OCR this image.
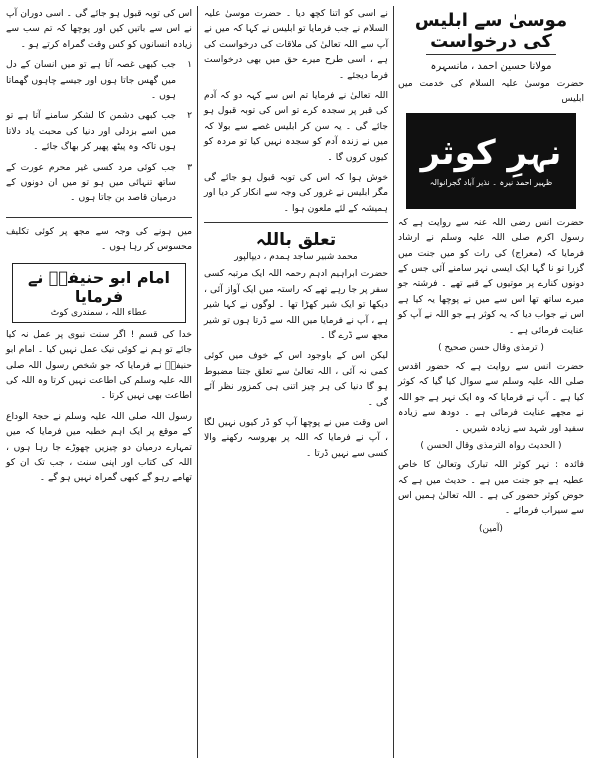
موسیٰ سے ابلیس کی درخواست
مولانا حسین احمد ، مانسہرہ

حضرت موسیٰ علیہ السلام کی خدمت میں ابلیس

نہرِ کوثر
ظہیر احمد نیرہ ۔ نذیر آباد گجرانوالہ

حضرت انس رضی اللہ عنہ سے روایت ہے کہ رسول اکرم صلی اللہ علیہ وسلم نے ارشاد فرمایا کہ (معراج) کی رات کو میں جنت میں گزرا تو نا گہا ایک ایسی نہر سامنے آئی جس کے دونوں کنارے پر موتیوں کے قبے تھے ۔ فرشتہ جو میرے ساتھ تھا اس سے میں نے پوچھا یہ کیا ہے اس نے جواب دیا کہ یہ کوثر ہے جو اللہ نے آپ کو عنایت فرمائی ہے ۔

( ترمذی وقال حسن صحیح )

حضرت انس سے روایت ہے کہ حضور اقدس صلی اللہ علیہ وسلم سے سوال کیا گیا کہ کوثر کیا ہے ۔ آپ نے فرمایا کہ وہ ایک نہر ہے جو اللہ نے مجھے عنایت فرمائی ہے ۔ دودھ سے زیادہ سفید اور شہد سے زیادہ شیریں ۔

( الحدیث رواہ الترمذی وقال الحسن )

فائدہ : نہر کوثر اللہ تبارک وتعالیٰ کا خاص عطیہ ہے جو جنت میں ہے ۔ حدیث میں ہے کہ حوض کوثر حضور کی ہے ۔ اللہ تعالیٰ ہمیں اس سے سیراب فرمائے ۔

(آمین)

نے اسی کو اتنا کچھ دیا ۔ حضرت موسیٰ علیہ السلام نے جب فرمایا تو ابلیس نے کہا کہ میں نے آپ سے اللہ تعالیٰ کی ملاقات کی درخواست کی ہے ، اسی طرح میرے حق میں بھی درخواست فرما دیجئے ۔

اللہ تعالیٰ نے فرمایا تم اس سے کہہ دو کہ آدم کی قبر پر سجدہ کرے تو اس کی توبہ قبول ہو جائے گی ۔ یہ سن کر ابلیس غصے سے بولا کہ میں نے زندہ آدم کو سجدہ نہیں کیا تو مردہ کو کیوں کروں گا ۔

خوش ہوا کہ اس کی توبہ قبول ہو جائے گی مگر ابلیس نے غرور کی وجہ سے انکار کر دیا اور ہمیشہ کے لئے ملعون ہوا ۔

تعلق باللہ
محمد شبیر ساجد ہمدم ، دیپالپور

حضرت ابراہیم ادہم رحمہ اللہ ایک مرتبہ کسی سفر پر جا رہے تھے کہ راستہ میں ایک آواز آئی ، دیکھا تو ایک شیر کھڑا تھا ۔ لوگوں نے کہا شیر ہے ، آپ نے فرمایا میں اللہ سے ڈرتا ہوں تو شیر مجھ سے ڈرے گا ۔

لیکن اس کے باوجود اس کے خوف میں کوئی کمی نہ آئی ، اللہ تعالیٰ سے تعلق جتنا مضبوط ہو گا دنیا کی ہر چیز اتنی ہی کمزور نظر آئے گی ۔

اس وقت میں نے پوچھا آپ کو ڈر کیوں نہیں لگا ، آپ نے فرمایا کہ اللہ پر بھروسہ رکھنے والا کسی سے نہیں ڈرتا ۔

اس کی توبہ قبول ہو جائے گی ۔ اسی دوران آپ نے اس سے باتیں کیں اور پوچھا کہ تم سب سے زیادہ انسانوں کو کس وقت گمراہ کرتے ہو ۔

۱

جب کبھی غصہ آتا ہے تو میں انسان کے دل میں گھس جاتا ہوں اور جیسے چاہوں گھماتا ہوں ۔

۲

جب کبھی دشمن کا لشکر سامنے آتا ہے تو میں اسے بزدلی اور دنیا کی محبت یاد دلاتا ہوں تاکہ وہ پیٹھ پھیر کر بھاگ جائے ۔

۳

جب کوئی مرد کسی غیر محرم عورت کے ساتھ تنہائی میں ہو تو میں ان دونوں کے درمیان قاصد بن جاتا ہوں ۔

میں ہونے کی وجہ سے مجھ پر کوئی تکلیف محسوس کر رہا ہوں ۔

امام ابو حنیفہؒ نے فرمایا
عطاء اللہ ، سمندری کوٹ

خدا کی قسم ! اگر سنت نبوی پر عمل نہ کیا جائے تو ہم نے کوئی نیک عمل نہیں کیا ۔ امام ابو حنیفہؒ نے فرمایا کہ جو شخص رسول اللہ صلی اللہ علیہ وسلم کی اطاعت نہیں کرتا وہ اللہ کی اطاعت بھی نہیں کرتا ۔

رسول اللہ صلی اللہ علیہ وسلم نے حجۃ الوداع کے موقع پر ایک اہم خطبہ میں فرمایا کہ میں تمہارے درمیان دو چیزیں چھوڑے جا رہا ہوں ، اللہ کی کتاب اور اپنی سنت ، جب تک ان کو تھامے رہو گے کبھی گمراہ نہیں ہو گے ۔
